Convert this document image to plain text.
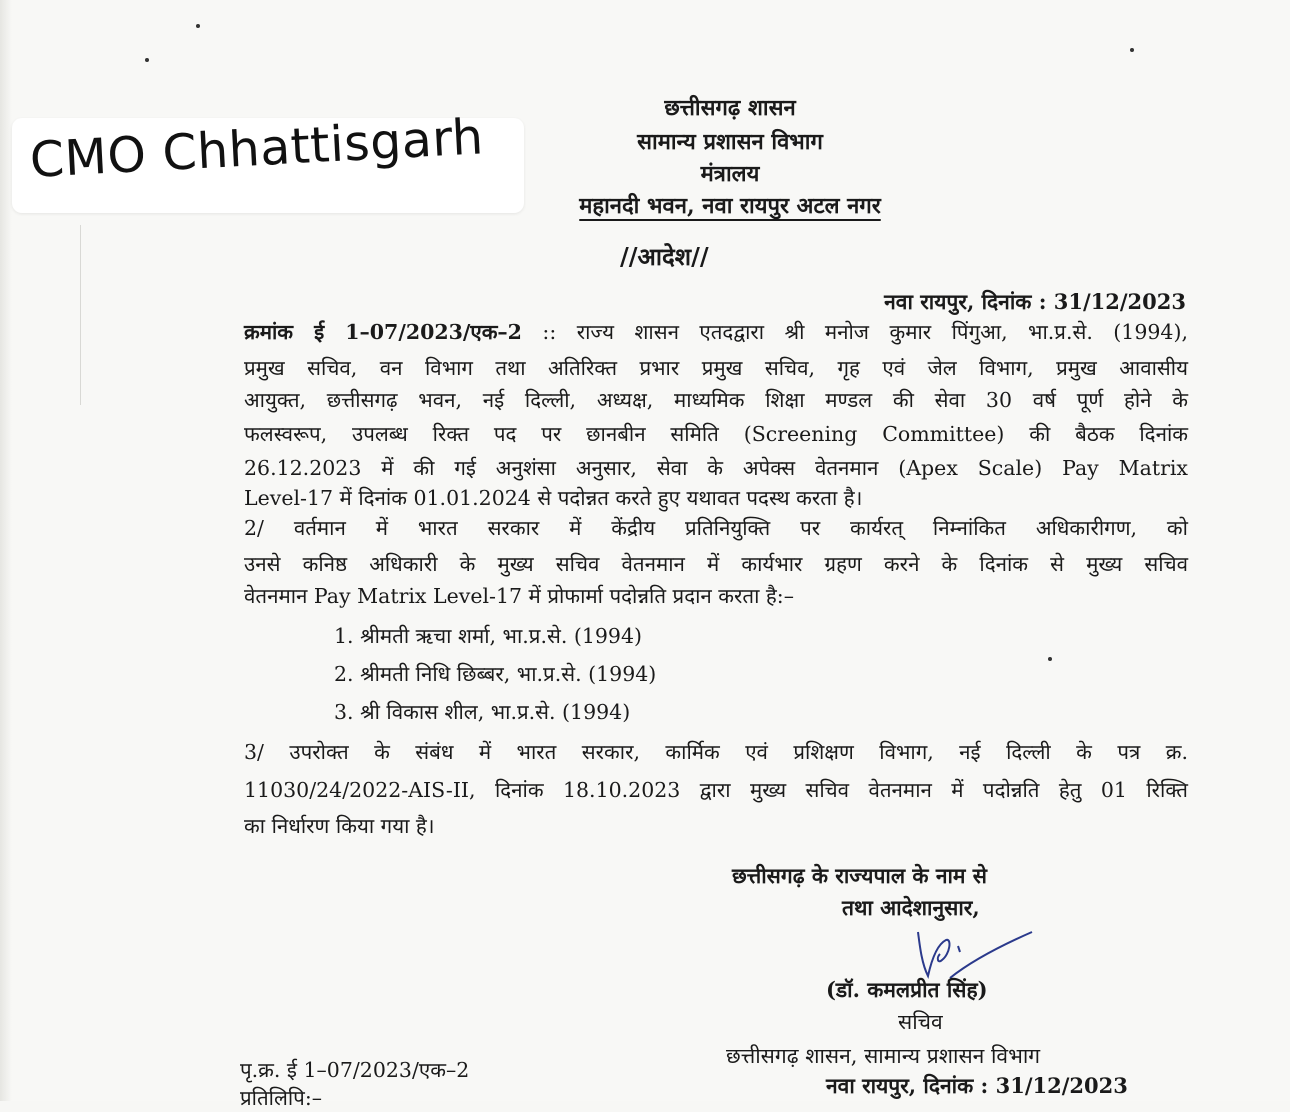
CMO Chhattisgarh
छत्तीसगढ़ शासन
सामान्य प्रशासन विभाग
मंत्रालय
महानदी भवन, नवा रायपुर अटल नगर
//आदेश//
नवा रायपुर, दिनांक : 31/12/2023
क्रमांक ई 1–07/2023/एक–2 :: राज्य शासन एतदद्वारा श्री मनोज कुमार पिंगुआ, भा.प्र.से. (1994),
प्रमुख सचिव, वन विभाग तथा अतिरिक्त प्रभार प्रमुख सचिव, गृह एवं जेल विभाग, प्रमुख आवासीय
आयुक्त, छत्तीसगढ़ भवन, नई दिल्ली, अध्यक्ष, माध्यमिक शिक्षा मण्डल की सेवा 30 वर्ष पूर्ण होने के
फलस्वरूप, उपलब्ध रिक्त पद पर छानबीन समिति (Screening Committee) की बैठक दिनांक
26.12.2023 में की गई अनुशंसा अनुसार, सेवा के अपेक्स वेतनमान (Apex Scale) Pay Matrix
Level-17 में दिनांक 01.01.2024 से पदोन्नत करते हुए यथावत पदस्थ करता है।
2/ वर्तमान में भारत सरकार में केंद्रीय प्रतिनियुक्ति पर कार्यरत् निम्नांकित अधिकारीगण, को
उनसे कनिष्ठ अधिकारी के मुख्य सचिव वेतनमान में कार्यभार ग्रहण करने के दिनांक से मुख्य सचिव
वेतनमान Pay Matrix Level-17 में प्रोफार्मा पदोन्नति प्रदान करता है:–
1. श्रीमती ऋचा शर्मा, भा.प्र.से. (1994)
2. श्रीमती निधि छिब्बर, भा.प्र.से. (1994)
3. श्री विकास शील, भा.प्र.से. (1994)
3/ उपरोक्त के संबंध में भारत सरकार, कार्मिक एवं प्रशिक्षण विभाग, नई दिल्ली के पत्र क्र.
11030/24/2022-AIS-II, दिनांक 18.10.2023 द्वारा मुख्य सचिव वेतनमान में पदोन्नति हेतु 01 रिक्ति
का निर्धारण किया गया है।
छत्तीसगढ़ के राज्यपाल के नाम से
तथा आदेशानुसार,
(डॉ. कमलप्रीत सिंह)
सचिव
छत्तीसगढ़ शासन, सामान्य प्रशासन विभाग
नवा रायपुर, दिनांक : 31/12/2023
पृ.क्र. ई 1–07/2023/एक–2
प्रतिलिपि:–
